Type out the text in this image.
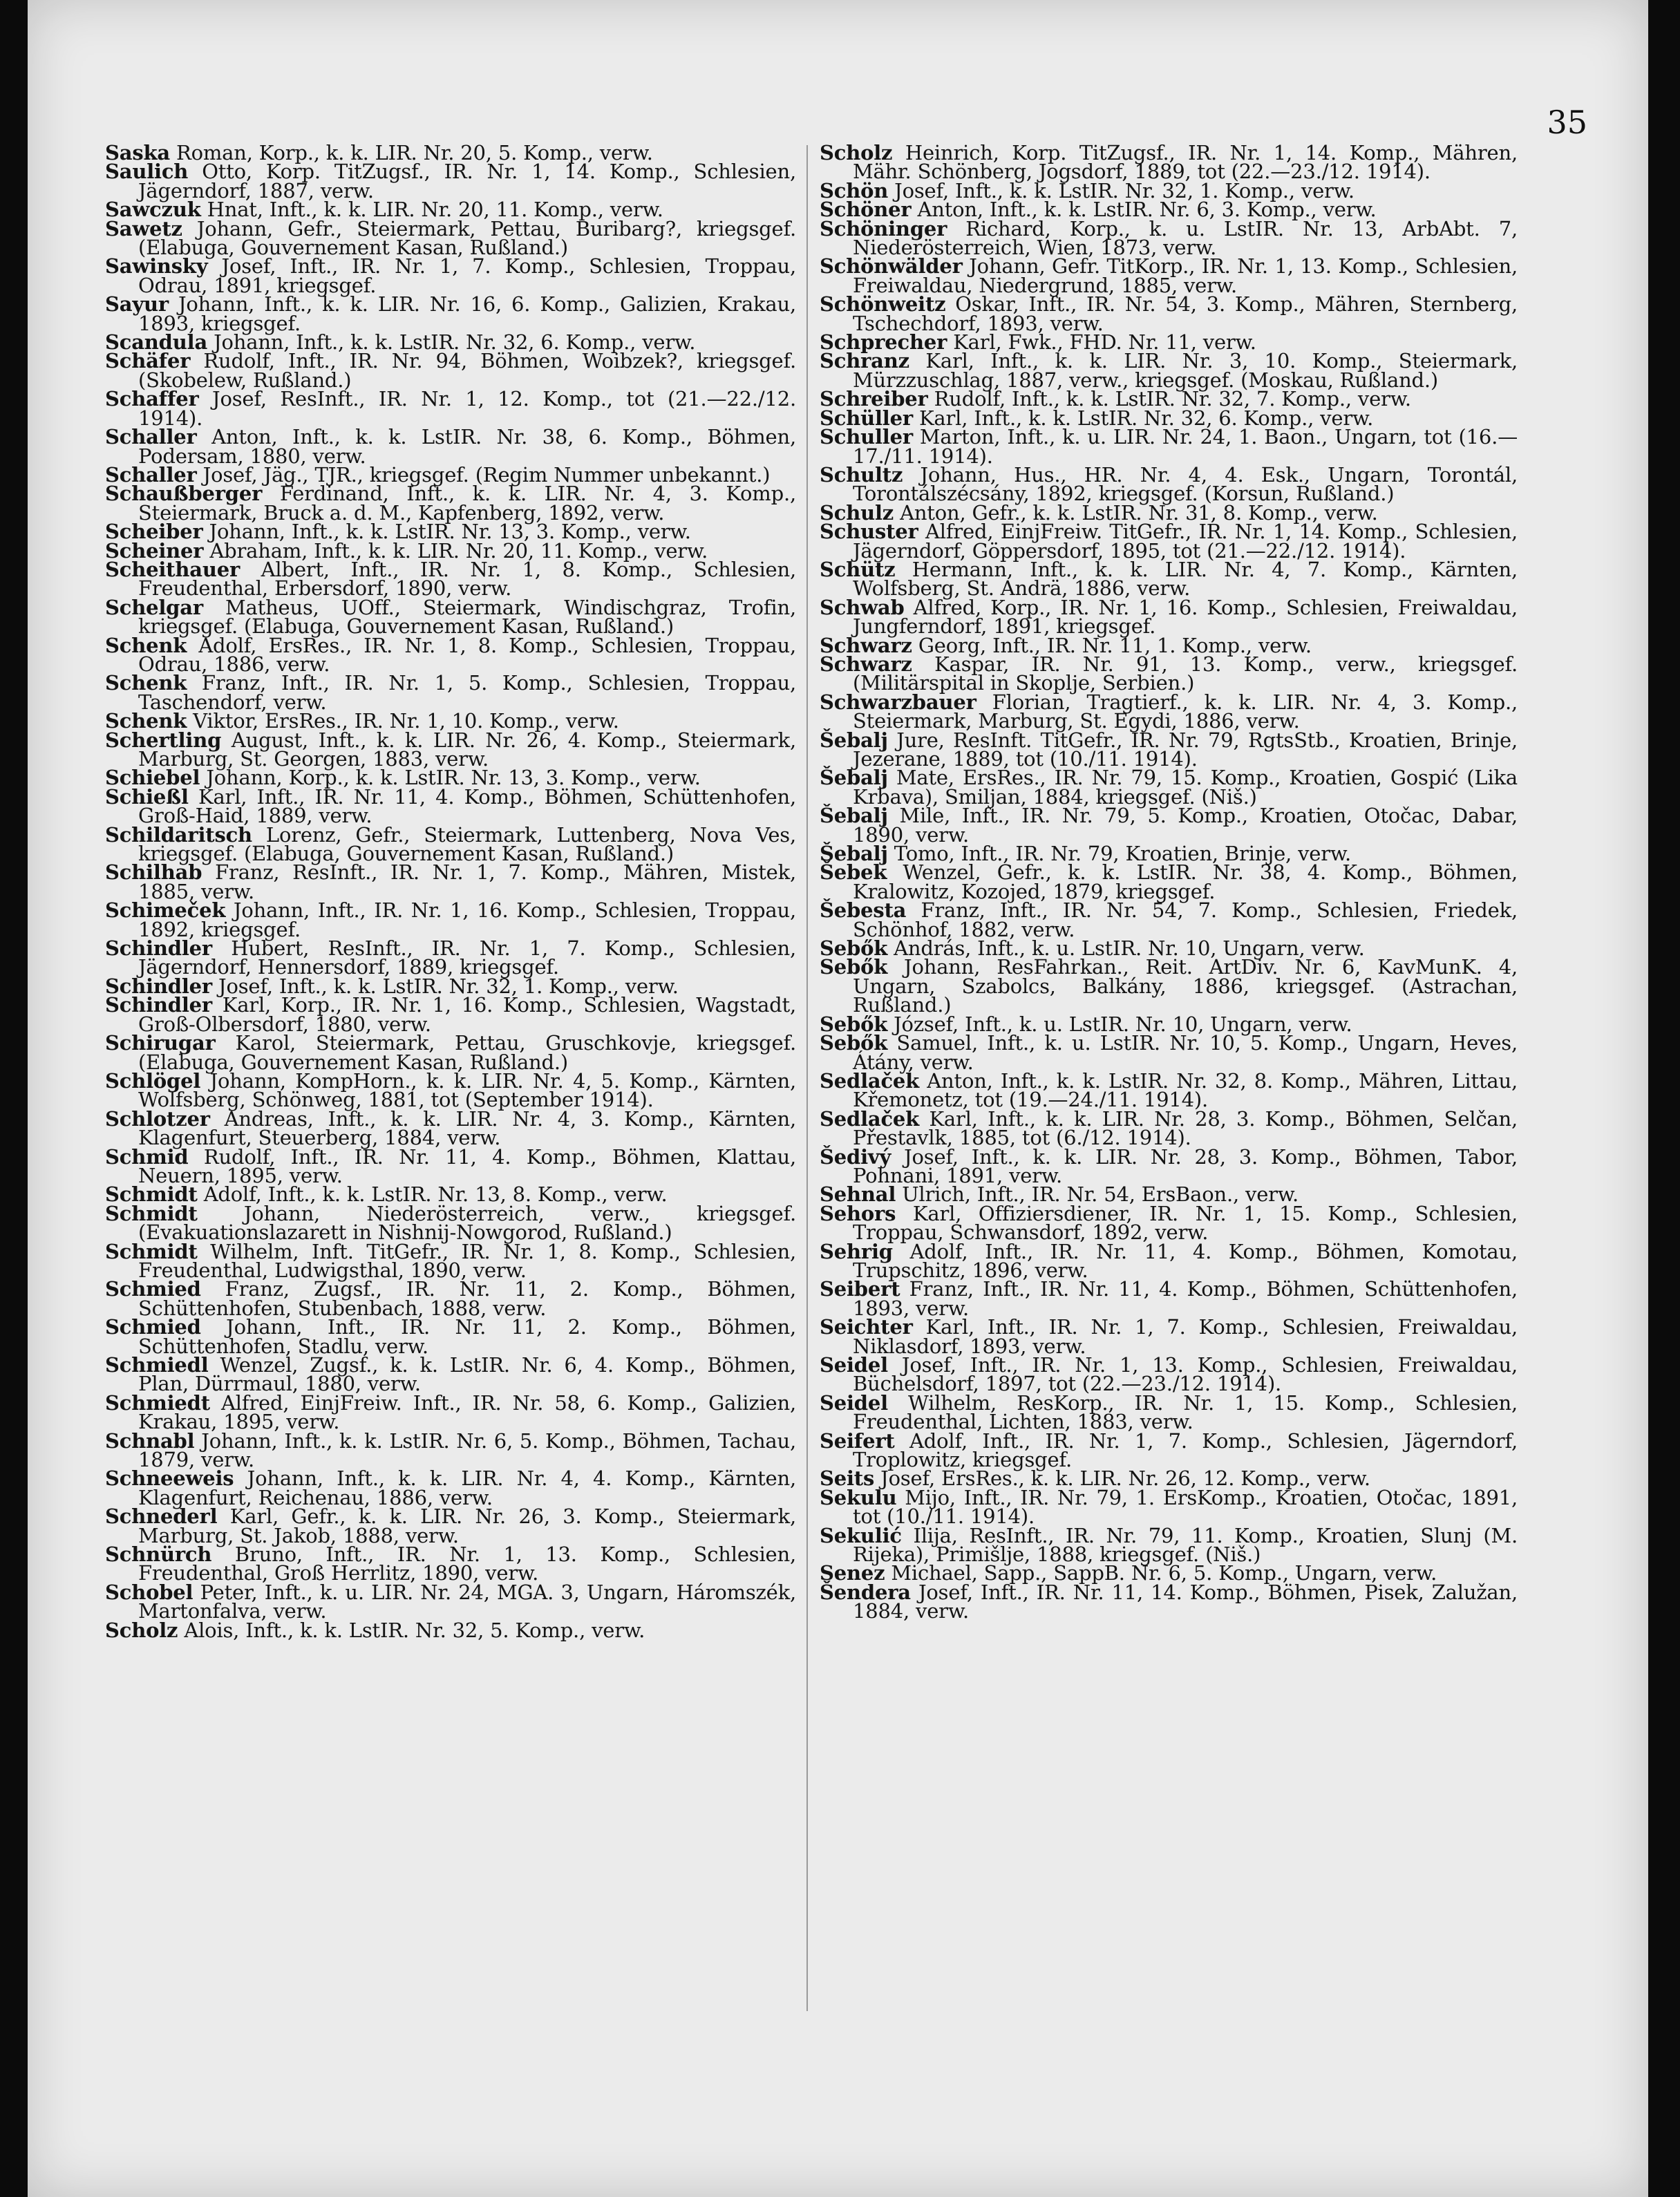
35

Saska Roman, Korp., k. k. LIR. Nr. 20, 5. Komp., verw.

Saulich Otto, Korp. TitZugsf., IR. Nr. 1, 14. Komp., Schlesien, Jägerndorf, 1887, verw.

Sawczuk Hnat, Inft., k. k. LIR. Nr. 20, 11. Komp., verw.

Sawetz Johann, Gefr., Steiermark, Pettau, Buribarg?, kriegsgef. (Elabuga, Gouvernement Kasan, Rußland.)

Sawinsky Josef, Inft., IR. Nr. 1, 7. Komp., Schlesien, Troppau, Odrau, 1891, kriegsgef.

Sayur Johann, Inft., k. k. LIR. Nr. 16, 6. Komp., Galizien, Krakau, 1893, kriegsgef.

Scandula Johann, Inft., k. k. LstIR. Nr. 32, 6. Komp., verw.

Schäfer Rudolf, Inft., IR. Nr. 94, Böhmen, Woibzek?, kriegsgef. (Skobelew, Rußland.)

Schaffer Josef, ResInft., IR. Nr. 1, 12. Komp., tot (21.—22./12. 1914).

Schaller Anton, Inft., k. k. LstIR. Nr. 38, 6. Komp., Böhmen, Podersam, 1880, verw.

Schaller Josef, Jäg., TJR., kriegsgef. (Regim Nummer unbekannt.)

Schaußberger Ferdinand, Inft., k. k. LIR. Nr. 4, 3. Komp., Steiermark, Bruck a. d. M., Kapfenberg, 1892, verw.

Scheiber Johann, Inft., k. k. LstIR. Nr. 13, 3. Komp., verw.

Scheiner Abraham, Inft., k. k. LIR. Nr. 20, 11. Komp., verw.

Scheithauer Albert, Inft., IR. Nr. 1, 8. Komp., Schlesien, Freudenthal, Erbersdorf, 1890, verw.

Schelgar Matheus, UOff., Steiermark, Windischgraz, Trofin, kriegsgef. (Elabuga, Gouvernement Kasan, Rußland.)

Schenk Adolf, ErsRes., IR. Nr. 1, 8. Komp., Schlesien, Troppau, Odrau, 1886, verw.

Schenk Franz, Inft., IR. Nr. 1, 5. Komp., Schlesien, Troppau, Taschendorf, verw.

Schenk Viktor, ErsRes., IR. Nr. 1, 10. Komp., verw.

Schertling August, Inft., k. k. LIR. Nr. 26, 4. Komp., Steiermark, Marburg, St. Georgen, 1883, verw.

Schiebel Johann, Korp., k. k. LstIR. Nr. 13, 3. Komp., verw.

Schießl Karl, Inft., IR. Nr. 11, 4. Komp., Böhmen, Schüttenhofen, Groß-Haid, 1889, verw.

Schildaritsch Lorenz, Gefr., Steiermark, Luttenberg, Nova Ves, kriegsgef. (Elabuga, Gouvernement Kasan, Rußland.)

Schilhab Franz, ResInft., IR. Nr. 1, 7. Komp., Mähren, Mistek, 1885, verw.

Schimeček Johann, Inft., IR. Nr. 1, 16. Komp., Schlesien, Troppau, 1892, kriegsgef.

Schindler Hubert, ResInft., IR. Nr. 1, 7. Komp., Schlesien, Jägerndorf, Hennersdorf, 1889, kriegsgef.

Schindler Josef, Inft., k. k. LstIR. Nr. 32, 1. Komp., verw.

Schindler Karl, Korp., IR. Nr. 1, 16. Komp., Schlesien, Wagstadt, Groß-Olbersdorf, 1880, verw.

Schirugar Karol, Steiermark, Pettau, Gruschkovje, kriegsgef. (Elabuga, Gouvernement Kasan, Rußland.)

Schlögel Johann, KompHorn., k. k. LIR. Nr. 4, 5. Komp., Kärnten, Wolfsberg, Schönweg, 1881, tot (September 1914).

Schlotzer Andreas, Inft., k. k. LIR. Nr. 4, 3. Komp., Kärnten, Klagenfurt, Steuerberg, 1884, verw.

Schmid Rudolf, Inft., IR. Nr. 11, 4. Komp., Böhmen, Klattau, Neuern, 1895, verw.

Schmidt Adolf, Inft., k. k. LstIR. Nr. 13, 8. Komp., verw.

Schmidt Johann, Niederösterreich, verw., kriegsgef. (Evakuationslazarett in Nishnij-Nowgorod, Rußland.)

Schmidt Wilhelm, Inft. TitGefr., IR. Nr. 1, 8. Komp., Schlesien, Freudenthal, Ludwigsthal, 1890, verw.

Schmied Franz, Zugsf., IR. Nr. 11, 2. Komp., Böhmen, Schüttenhofen, Stubenbach, 1888, verw.

Schmied Johann, Inft., IR. Nr. 11, 2. Komp., Böhmen, Schüttenhofen, Stadlu, verw.

Schmiedl Wenzel, Zugsf., k. k. LstIR. Nr. 6, 4. Komp., Böhmen, Plan, Dürrmaul, 1880, verw.

Schmiedt Alfred, EinjFreiw. Inft., IR. Nr. 58, 6. Komp., Galizien, Krakau, 1895, verw.

Schnabl Johann, Inft., k. k. LstIR. Nr. 6, 5. Komp., Böhmen, Tachau, 1879, verw.

Schneeweis Johann, Inft., k. k. LIR. Nr. 4, 4. Komp., Kärnten, Klagenfurt, Reichenau, 1886, verw.

Schnederl Karl, Gefr., k. k. LIR. Nr. 26, 3. Komp., Steiermark, Marburg, St. Jakob, 1888, verw.

Schnürch Bruno, Inft., IR. Nr. 1, 13. Komp., Schlesien, Freudenthal, Groß Herrlitz, 1890, verw.

Schobel Peter, Inft., k. u. LIR. Nr. 24, MGA. 3, Ungarn, Háromszék, Martonfalva, verw.

Scholz Alois, Inft., k. k. LstIR. Nr. 32, 5. Komp., verw.

Scholz Heinrich, Korp. TitZugsf., IR. Nr. 1, 14. Komp., Mähren, Mähr. Schönberg, Jogsdorf, 1889, tot (22.—23./12. 1914).

Schön Josef, Inft., k. k. LstIR. Nr. 32, 1. Komp., verw.

Schöner Anton, Inft., k. k. LstIR. Nr. 6, 3. Komp., verw.

Schöninger Richard, Korp., k. u. LstIR. Nr. 13, ArbAbt. 7, Niederösterreich, Wien, 1873, verw.

Schönwälder Johann, Gefr. TitKorp., IR. Nr. 1, 13. Komp., Schlesien, Freiwaldau, Niedergrund, 1885, verw.

Schönweitz Oskar, Inft., IR. Nr. 54, 3. Komp., Mähren, Sternberg, Tschechdorf, 1893, verw.

Schprecher Karl, Fwk., FHD. Nr. 11, verw.

Schranz Karl, Inft., k. k. LIR. Nr. 3, 10. Komp., Steiermark, Mürzzuschlag, 1887, verw., kriegsgef. (Moskau, Rußland.)

Schreiber Rudolf, Inft., k. k. LstIR. Nr. 32, 7. Komp., verw.

Schüller Karl, Inft., k. k. LstIR. Nr. 32, 6. Komp., verw.

Schuller Marton, Inft., k. u. LIR. Nr. 24, 1. Baon., Ungarn, tot (16.—17./11. 1914).

Schultz Johann, Hus., HR. Nr. 4, 4. Esk., Ungarn, Torontál, Torontálszécsány, 1892, kriegsgef. (Korsun, Rußland.)

Schulz Anton, Gefr., k. k. LstIR. Nr. 31, 8. Komp., verw.

Schuster Alfred, EinjFreiw. TitGefr., IR. Nr. 1, 14. Komp., Schlesien, Jägerndorf, Göppersdorf, 1895, tot (21.—22./12. 1914).

Schütz Hermann, Inft., k. k. LIR. Nr. 4, 7. Komp., Kärnten, Wolfsberg, St. Andrä, 1886, verw.

Schwab Alfred, Korp., IR. Nr. 1, 16. Komp., Schlesien, Freiwaldau, Jungferndorf, 1891, kriegsgef.

Schwarz Georg, Inft., IR. Nr. 11, 1. Komp., verw.

Schwarz Kaspar, IR. Nr. 91, 13. Komp., verw., kriegsgef. (Militärspital in Skoplje, Serbien.)

Schwarzbauer Florian, Tragtierf., k. k. LIR. Nr. 4, 3. Komp., Steiermark, Marburg, St. Egydi, 1886, verw.

Šebalj Jure, ResInft. TitGefr., IR. Nr. 79, RgtsStb., Kroatien, Brinje, Jezerane, 1889, tot (10./11. 1914).

Šebalj Mate, ErsRes., IR. Nr. 79, 15. Komp., Kroatien, Gospić (Lika Krbava), Smiljan, 1884, kriegsgef. (Niš.)

Šebalj Mile, Inft., IR. Nr. 79, 5. Komp., Kroatien, Otočac, Dabar, 1890, verw.

Šebalj Tomo, Inft., IR. Nr. 79, Kroatien, Brinje, verw.

Šebek Wenzel, Gefr., k. k. LstIR. Nr. 38, 4. Komp., Böhmen, Kralowitz, Kozojed, 1879, kriegsgef.

Šebesta Franz, Inft., IR. Nr. 54, 7. Komp., Schlesien, Friedek, Schönhof, 1882, verw.

Sebők András, Inft., k. u. LstIR. Nr. 10, Ungarn, verw.

Sebők Johann, ResFahrkan., Reit. ArtDiv. Nr. 6, KavMunK. 4, Ungarn, Szabolcs, Balkány, 1886, kriegsgef. (Astrachan, Rußland.)

Sebők József, Inft., k. u. LstIR. Nr. 10, Ungarn, verw.

Sebők Samuel, Inft., k. u. LstIR. Nr. 10, 5. Komp., Ungarn, Heves, Átány, verw.

Sedlaček Anton, Inft., k. k. LstIR. Nr. 32, 8. Komp., Mähren, Littau, Křemonetz, tot (19.—24./11. 1914).

Sedlaček Karl, Inft., k. k. LIR. Nr. 28, 3. Komp., Böhmen, Selčan, Přestavlk, 1885, tot (6./12. 1914).

Šedivý Josef, Inft., k. k. LIR. Nr. 28, 3. Komp., Böhmen, Tabor, Pohnani, 1891, verw.

Sehnal Ulrich, Inft., IR. Nr. 54, ErsBaon., verw.

Sehors Karl, Offiziersdiener, IR. Nr. 1, 15. Komp., Schlesien, Troppau, Schwansdorf, 1892, verw.

Sehrig Adolf, Inft., IR. Nr. 11, 4. Komp., Böhmen, Komotau, Trupschitz, 1896, verw.

Seibert Franz, Inft., IR. Nr. 11, 4. Komp., Böhmen, Schüttenhofen, 1893, verw.

Seichter Karl, Inft., IR. Nr. 1, 7. Komp., Schlesien, Freiwaldau, Niklasdorf, 1893, verw.

Seidel Josef, Inft., IR. Nr. 1, 13. Komp., Schlesien, Freiwaldau, Büchelsdorf, 1897, tot (22.—23./12. 1914).

Seidel Wilhelm, ResKorp., IR. Nr. 1, 15. Komp., Schlesien, Freudenthal, Lichten, 1883, verw.

Seifert Adolf, Inft., IR. Nr. 1, 7. Komp., Schlesien, Jägerndorf, Troplowitz, kriegsgef.

Seits Josef, ErsRes., k. k. LIR. Nr. 26, 12. Komp., verw.

Sekulu Mijo, Inft., IR. Nr. 79, 1. ErsKomp., Kroatien, Otočac, 1891, tot (10./11. 1914).

Sekulić Ilija, ResInft., IR. Nr. 79, 11. Komp., Kroatien, Slunj (M. Rijeka), Primišlje, 1888, kriegsgef. (Niš.)

Senez Michael, Sapp., SappB. Nr. 6, 5. Komp., Ungarn, verw.

Šendera Josef, Inft., IR. Nr. 11, 14. Komp., Böhmen, Pisek, Zalužan, 1884, verw.
